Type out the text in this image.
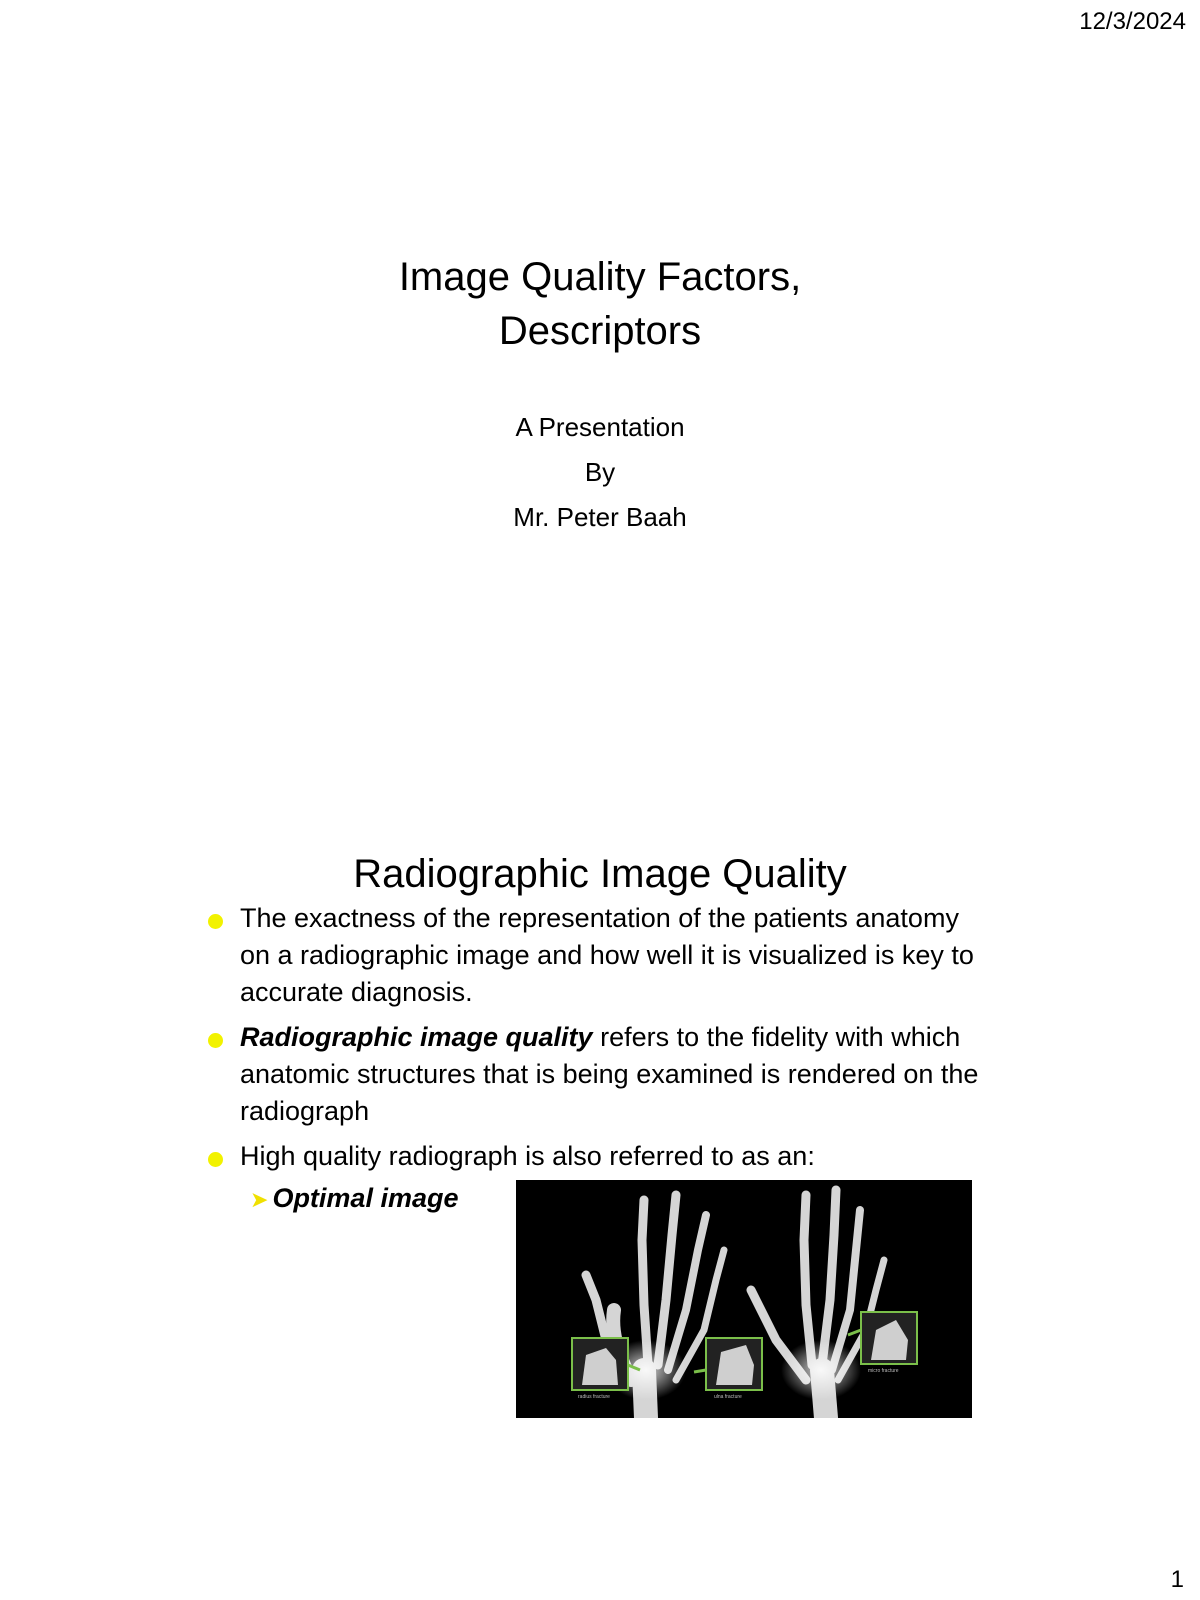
12/3/2024
Image Quality Factors,
Descriptors
A Presentation
By
Mr. Peter Baah
Radiographic Image Quality
The exactness of the representation of the patients anatomy on a radiographic image and how well it is visualized is key to accurate diagnosis.
Radiographic image quality refers to the fidelity with which anatomic structures that is being examined is rendered on the radiograph
High quality radiograph is also referred to as an:
➤ Optimal image
radius fracture	ulna fracture
micro fracture
1
